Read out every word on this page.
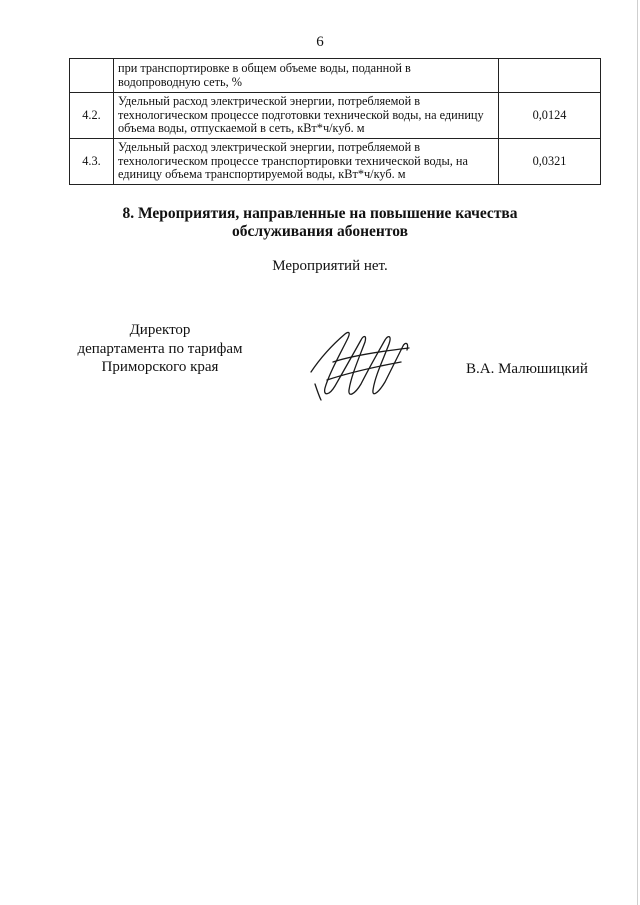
6
	при транспортировке в общем объеме воды, поданной в водопроводную сеть, %	
4.2.	Удельный расход электрической энергии, потребляемой в технологическом процессе подготовки технической воды, на единицу объема воды, отпускаемой в сеть, кВт*ч/куб. м	0,0124
4.3.	Удельный расход электрической энергии, потребляемой в технологическом процессе транспортировки технической воды, на единицу объема транспортируемой воды, кВт*ч/куб. м	0,0321
8. Мероприятия, направленные на повышение качества
обслуживания абонентов
Мероприятий нет.
Директор
департамента по тарифам
Приморского края	В.А. Малюшицкий
